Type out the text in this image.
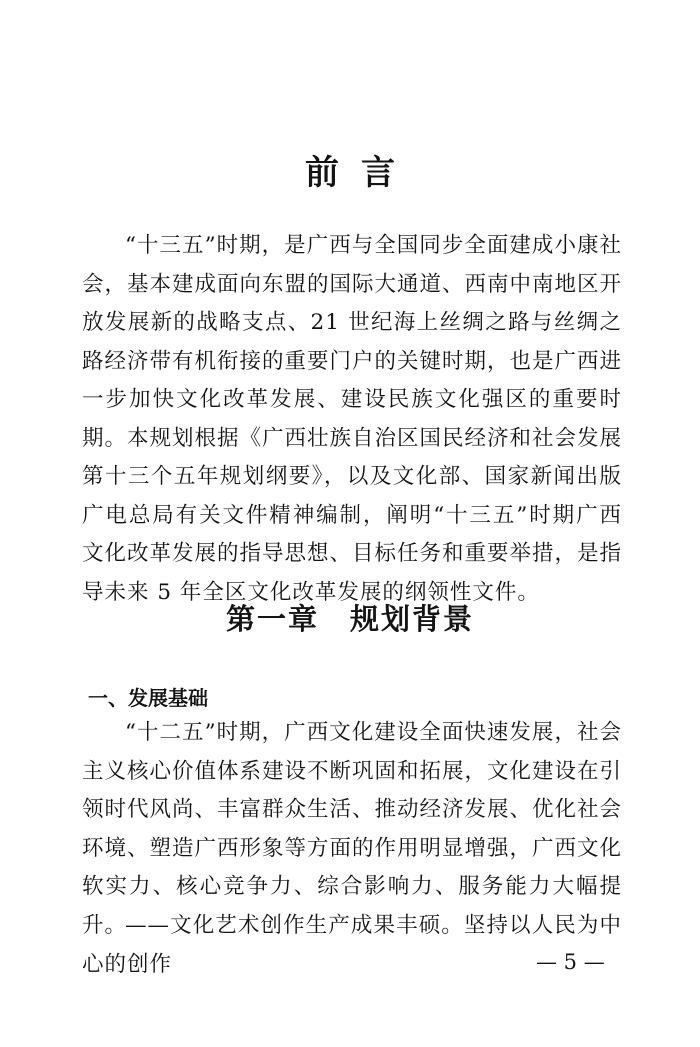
前言

“十三五”时期，是广西与全国同步全面建成小康社会，基本建成面向东盟的国际大通道、西南中南地区开放发展新的战略支点、21 世纪海上丝绸之路与丝绸之路经济带有机衔接的重要门户的关键时期，也是广西进一步加快文化改革发展、建设民族文化强区的重要时期。本规划根据《广西壮族自治区国民经济和社会发展第十三个五年规划纲要》，以及文化部、国家新闻出版广电总局有关文件精神编制，阐明“十三五”时期广西文化改革发展的指导思想、目标任务和重要举措，是指导未来 5 年全区文化改革发展的纲领性文件。

第一章　规划背景
一、发展基础

“十二五”时期，广西文化建设全面快速发展，社会主义核心价值体系建设不断巩固和拓展，文化建设在引领时代风尚、丰富群众生活、推动经济发展、优化社会环境、塑造广西形象等方面的作用明显增强，广西文化软实力、核心竞争力、综合影响力、服务能力大幅提升。

——文化艺术创作生产成果丰硕。坚持以人民为中心的创作	— 5 —
